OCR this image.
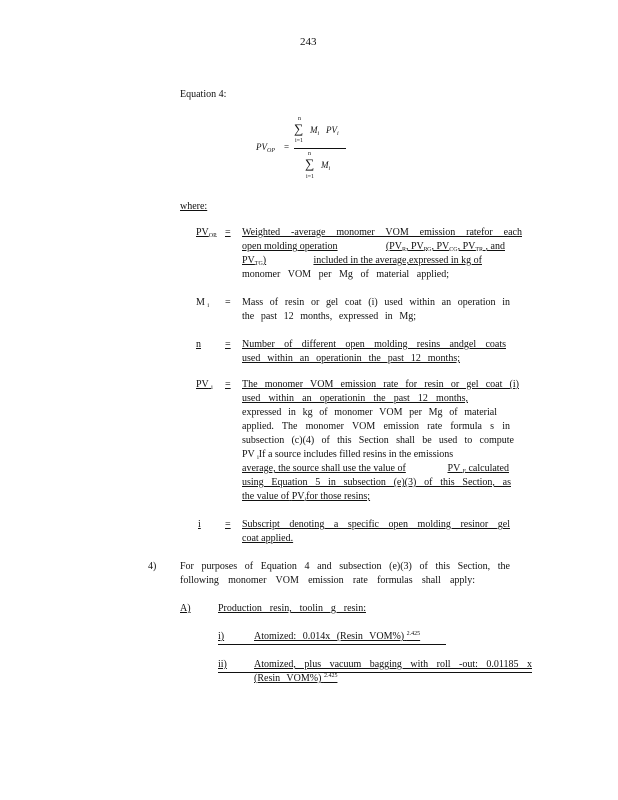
243
Equation 4:
$PV_{OP}$ =
n
∑
i=1
$M_i$ $PV_i$
n
∑
i=1
$M_i$
where:
$PV_{OP}$ = Weighted -average monomer VOM emission ratefor each
open molding operation	($PV_R$, $PV_{PG}$, $PV_{CG}$, $PV_{TR}$ , and
$PV_{TG}$)	included in the average,expressed in kg of
monomer VOM per Mg of material applied;
M $_i$ = Mass of resin or gel coat (i) used within an operation in
the past 12 months, expressed in Mg;
n = Number of different open molding resins andgel coats
used within an operationin the past 12 months;
PV $_i$ = The monomer VOM emission rate for resin or gel coat (i)
used within an operationin the past 12 months,
expressed in kg of monomer VOM per Mg of material
applied. The monomer VOM emission rate formula s in
subsection (c)(4) of this Section shall be used to compute
PV $_i$If a source includes filled resins in the emissions
average, the source shall use the value of	PV $_F$ calculated
using Equation 5 in subsection (e)(3) of this Section, as
the value of $PV_ifor$ those resins;
i = Subscript denoting a specific open molding resinor gel
coat applied.
4) For purposes of Equation 4 and subsection (e)(3) of this Section, the
following monomer VOM emission rate formulas shall apply:
A)	Production resin, toolin g resin:
i)	Atomized: 0.014x (Resin VOM%) $^{2.425}$
ii)	Atomized, plus vacuum bagging with roll -out: 0.01185 x
(Resin VOM%) $^{2.425}$
